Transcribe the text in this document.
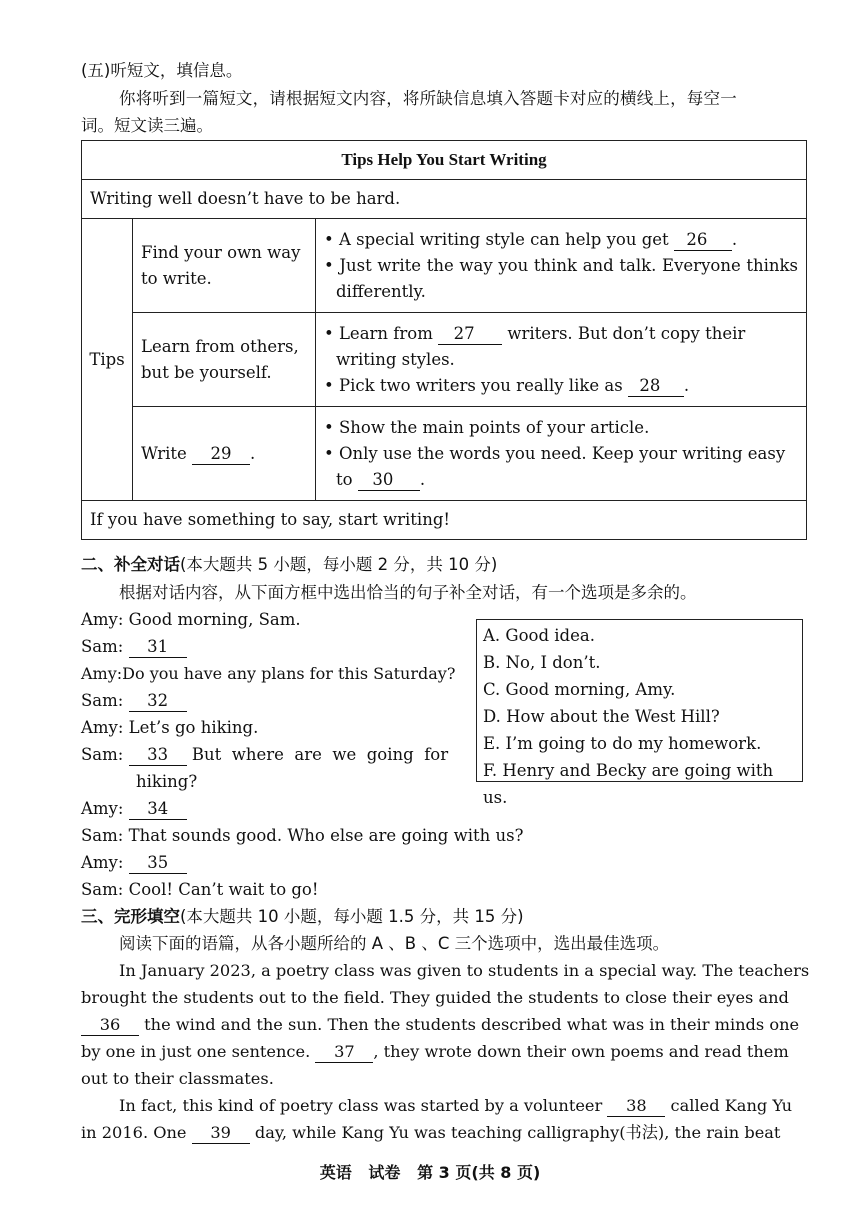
(五)听短文，填信息。
你将听到一篇短文，请根据短文内容，将所缺信息填入答题卡对应的横线上，每空一
词。短文读三遍。
Tips Help You Start Writing		
Writing well doesn’t have to be hard.		
Tips	Find your own way to write.	• A special writing style can help you get 26 .
• Just write the way you think and talk. Everyone thinks differently.

	Learn from others, but be yourself.	• Learn from 27 writers. But don’t copy their writing styles.
• Pick two writers you really like as 28 .

	Write 29 .	• Show the main points of your article.
• Only use the words you need. Keep your writing easy to 30 .

If you have something to say, start writing!		
二、补全对话(本大题共 5 小题，每小题 2 分，共 10 分)
根据对话内容，从下面方框中选出恰当的句子补全对话，有一个选项是多余的。
Amy: Good morning, Sam.
Sam: 31
Amy:Do you have any plans for this Saturday?
Sam: 32
Amy: Let’s go hiking.
Sam: 33 But  where  are  we  going  for
hiking?
Amy: 34
Sam: That sounds good. Who else are going with us?
Amy: 35
Sam: Cool! Can’t wait to go!
A. Good idea.
B. No, I don’t.
C. Good morning, Amy.
D. How about the West Hill?
E. I’m going to do my homework.
F. Henry and Becky are going with us.
三、完形填空(本大题共 10 小题，每小题 1.5 分，共 15 分)
阅读下面的语篇，从各小题所给的 A 、B 、C 三个选项中，选出最佳选项。
In January 2023, a poetry class was given to students in a special way. The teachers
brought the students out to the field. They guided the students to close their eyes and
36 the wind and the sun. Then the students described what was in their minds one
by one in just one sentence. 37 , they wrote down their own poems and read them
out to their classmates.
In fact, this kind of poetry class was started by a volunteer 38 called Kang Yu
in 2016. One 39 day, while Kang Yu was teaching calligraphy(书法), the rain beat
英语   试卷   第 3 页(共 8 页)
